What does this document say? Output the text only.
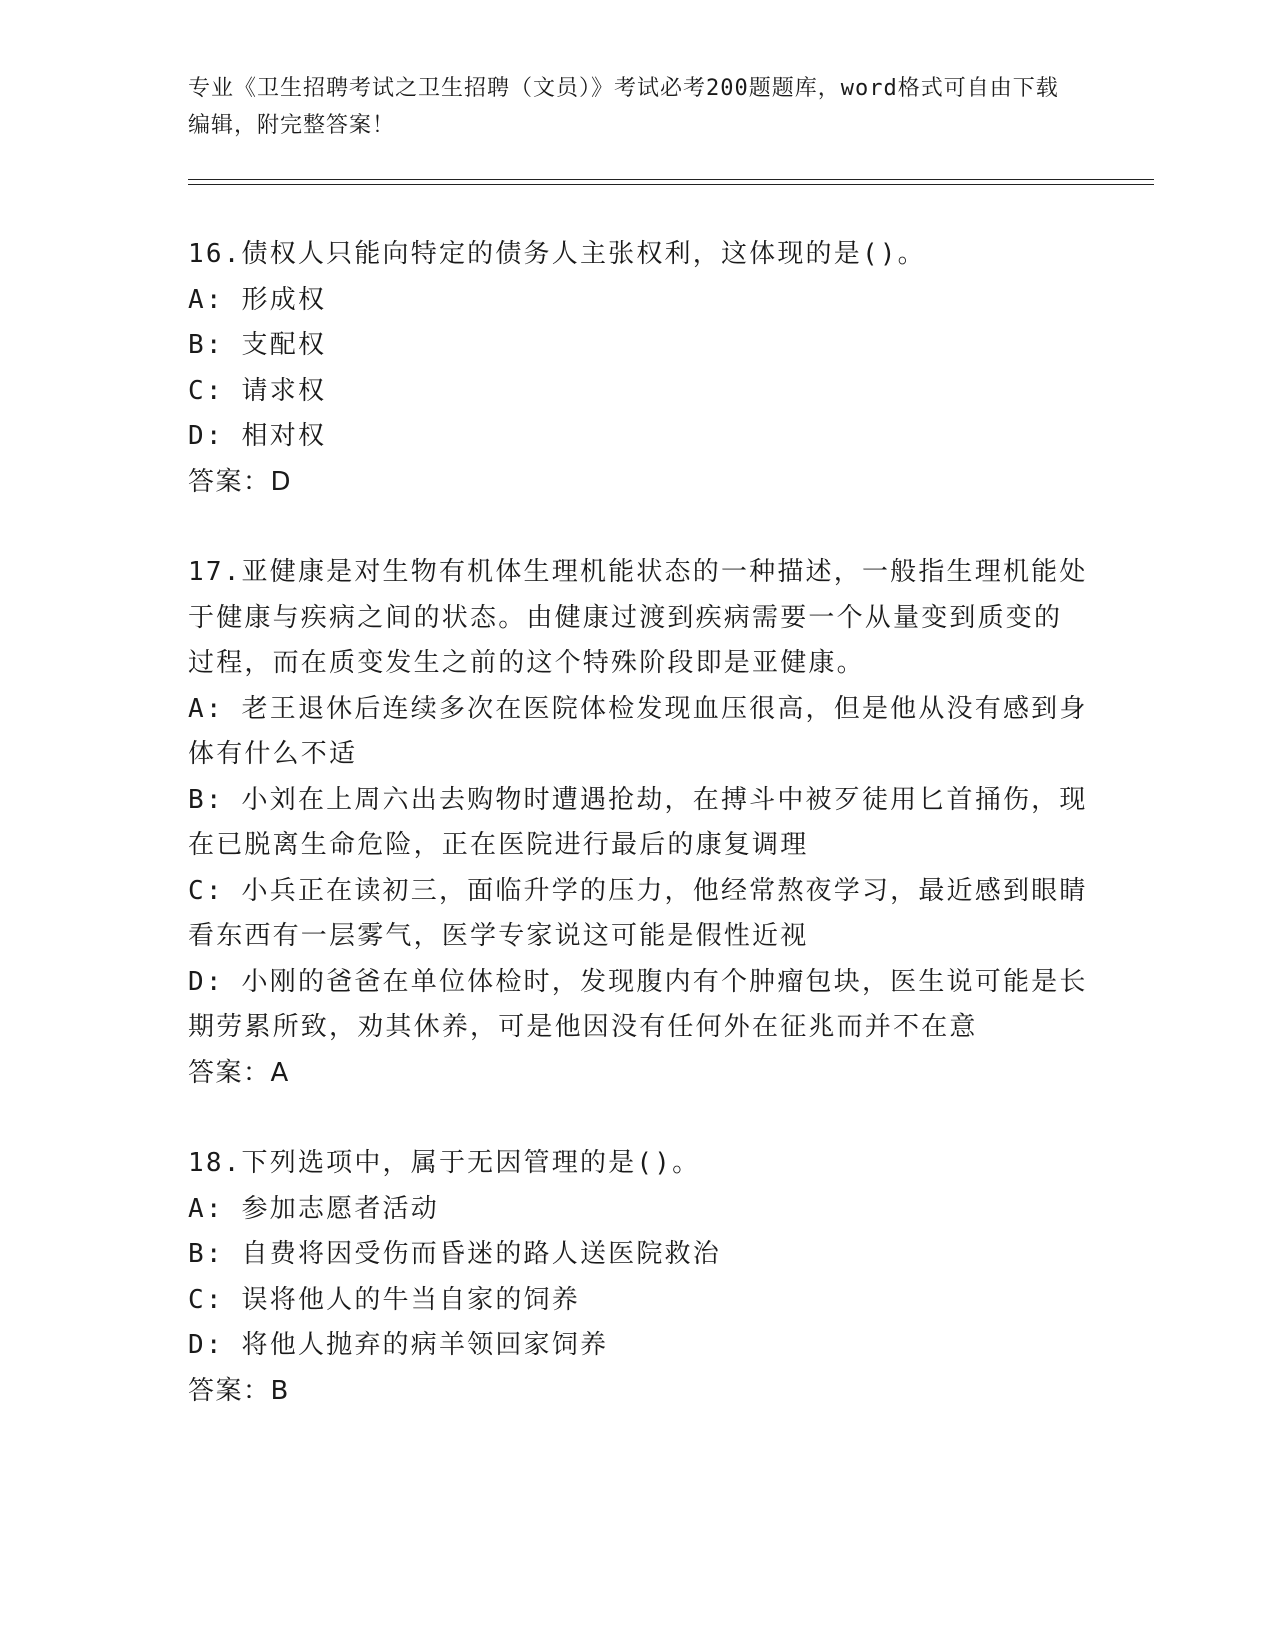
专业《卫生招聘考试之卫生招聘（文员）》考试必考200题题库，word格式可自由下载编辑，附完整答案！

16.债权人只能向特定的债务人主张权利，这体现的是()。

A: 形成权

B: 支配权

C: 请求权

D: 相对权

答案：D

17.亚健康是对生物有机体生理机能状态的一种描述，一般指生理机能处于健康与疾病之间的状态。由健康过渡到疾病需要一个从量变到质变的过程，而在质变发生之前的这个特殊阶段即是亚健康。

A: 老王退休后连续多次在医院体检发现血压很高，但是他从没有感到身体有什么不适

B: 小刘在上周六出去购物时遭遇抢劫，在搏斗中被歹徒用匕首捅伤，现在已脱离生命危险，正在医院进行最后的康复调理

C: 小兵正在读初三，面临升学的压力，他经常熬夜学习，最近感到眼睛看东西有一层雾气，医学专家说这可能是假性近视

D: 小刚的爸爸在单位体检时，发现腹内有个肿瘤包块，医生说可能是长期劳累所致，劝其休养，可是他因没有任何外在征兆而并不在意

答案：A

18.下列选项中，属于无因管理的是()。

A: 参加志愿者活动

B: 自费将因受伤而昏迷的路人送医院救治

C: 误将他人的牛当自家的饲养

D: 将他人抛弃的病羊领回家饲养

答案：B
